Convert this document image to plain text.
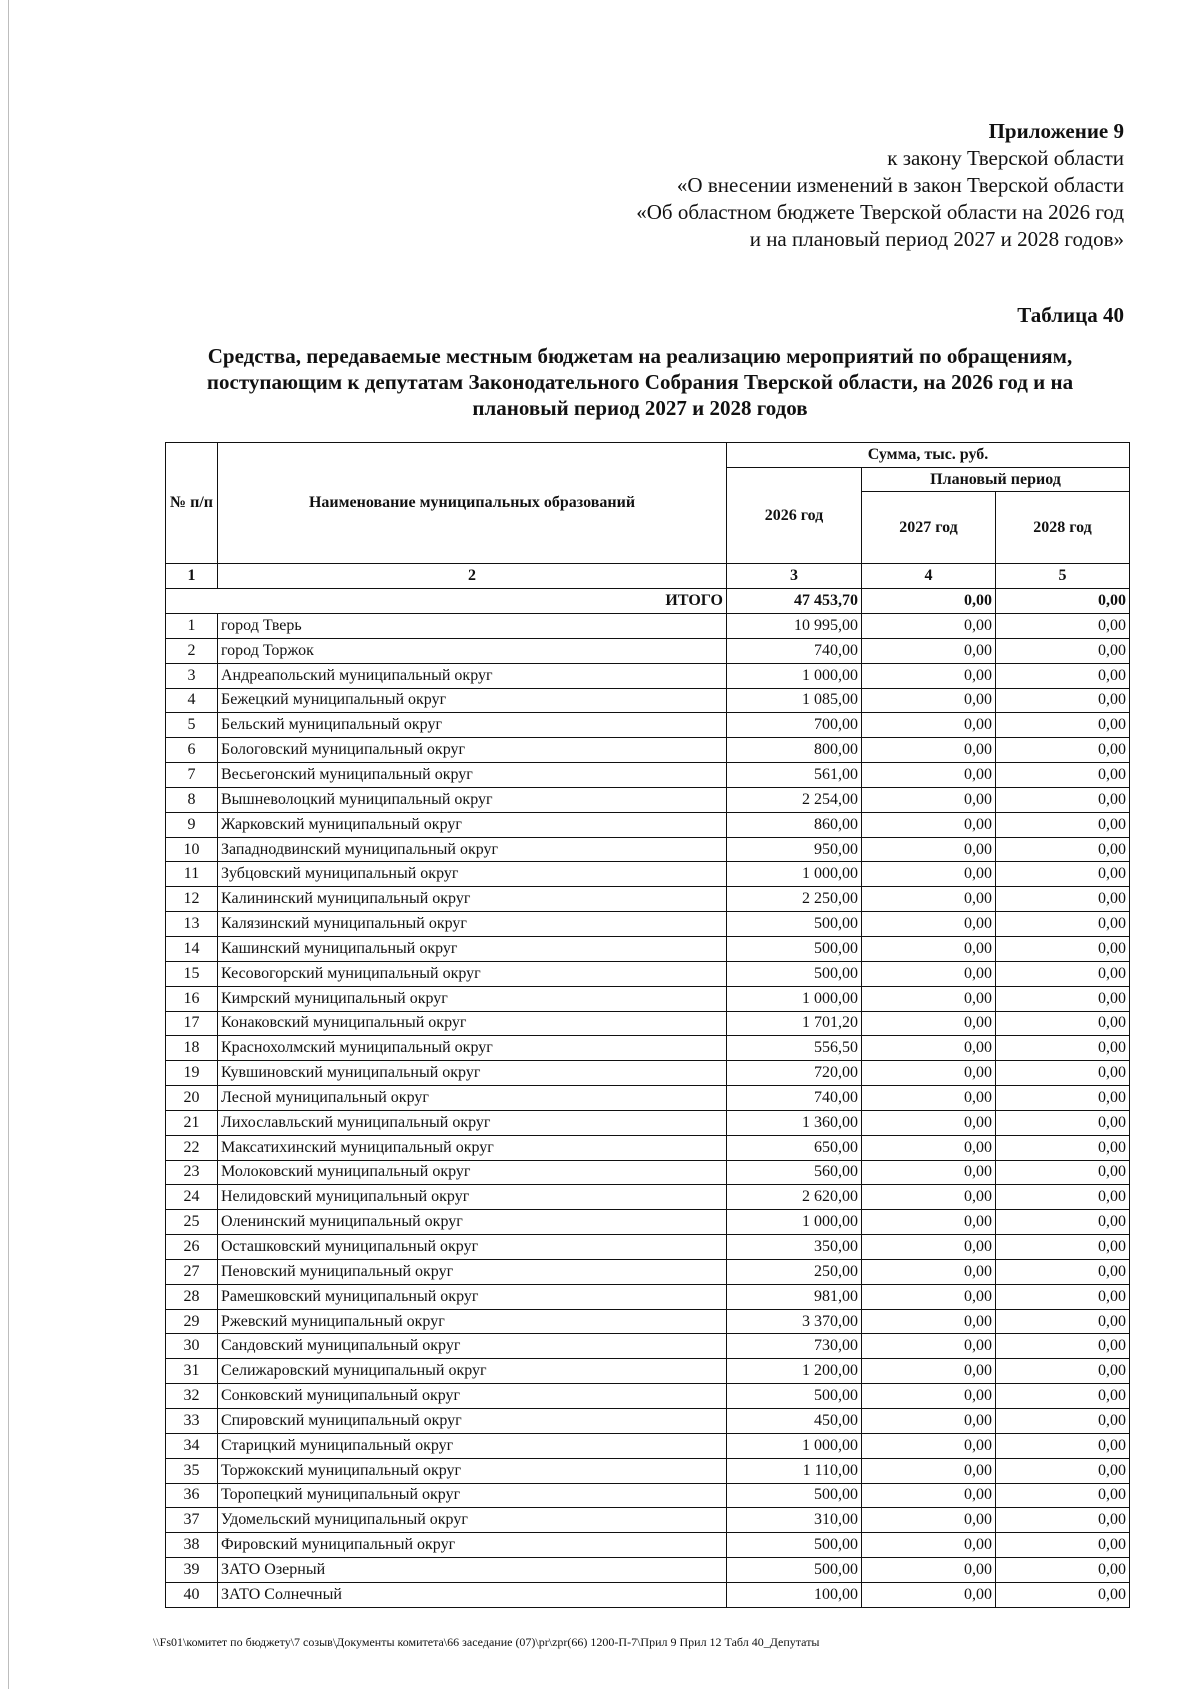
Приложение 9
к закону Тверской области
«О внесении изменений в закон Тверской области
«Об областном бюджете Тверской области на 2026 год
и на плановый период 2027 и 2028 годов»
Таблица 40
Средства, передаваемые местным бюджетам на реализацию мероприятий по обращениям,
поступающим к депутатам Законодательного Собрания Тверской области, на 2026 год и на
плановый период 2027 и 2028 годов
№ п/п	Наименование муниципальных образований	Сумма, тыс. руб.		
		2026 год	Плановый период	
			2027 год	2028 год
1	2	3	4	5
ИТОГО		47 453,70	0,00	0,00
1	город Тверь	10 995,00	0,00	0,00
2	город Торжок	740,00	0,00	0,00
3	Андреапольский муниципальный округ	1 000,00	0,00	0,00
4	Бежецкий муниципальный округ	1 085,00	0,00	0,00
5	Бельский муниципальный округ	700,00	0,00	0,00
6	Бологовский муниципальный округ	800,00	0,00	0,00
7	Весьегонский муниципальный округ	561,00	0,00	0,00
8	Вышневолоцкий муниципальный округ	2 254,00	0,00	0,00
9	Жарковский муниципальный округ	860,00	0,00	0,00
10	Западнодвинский муниципальный округ	950,00	0,00	0,00
11	Зубцовский муниципальный округ	1 000,00	0,00	0,00
12	Калининский муниципальный округ	2 250,00	0,00	0,00
13	Калязинский муниципальный округ	500,00	0,00	0,00
14	Кашинский муниципальный округ	500,00	0,00	0,00
15	Кесовогорский муниципальный округ	500,00	0,00	0,00
16	Кимрский муниципальный округ	1 000,00	0,00	0,00
17	Конаковский муниципальный округ	1 701,20	0,00	0,00
18	Краснохолмский муниципальный округ	556,50	0,00	0,00
19	Кувшиновский муниципальный округ	720,00	0,00	0,00
20	Лесной муниципальный округ	740,00	0,00	0,00
21	Лихославльский муниципальный округ	1 360,00	0,00	0,00
22	Максатихинский муниципальный округ	650,00	0,00	0,00
23	Молоковский муниципальный округ	560,00	0,00	0,00
24	Нелидовский муниципальный округ	2 620,00	0,00	0,00
25	Оленинский муниципальный округ	1 000,00	0,00	0,00
26	Осташковский муниципальный округ	350,00	0,00	0,00
27	Пеновский муниципальный округ	250,00	0,00	0,00
28	Рамешковский муниципальный округ	981,00	0,00	0,00
29	Ржевский муниципальный округ	3 370,00	0,00	0,00
30	Сандовский муниципальный округ	730,00	0,00	0,00
31	Селижаровский муниципальный округ	1 200,00	0,00	0,00
32	Сонковский муниципальный округ	500,00	0,00	0,00
33	Спировский муниципальный округ	450,00	0,00	0,00
34	Старицкий муниципальный округ	1 000,00	0,00	0,00
35	Торжокский муниципальный округ	1 110,00	0,00	0,00
36	Торопецкий муниципальный округ	500,00	0,00	0,00
37	Удомельский муниципальный округ	310,00	0,00	0,00
38	Фировский муниципальный округ	500,00	0,00	0,00
39	ЗАТО Озерный	500,00	0,00	0,00
40	ЗАТО Солнечный	100,00	0,00	0,00
\\Fs01\комитет по бюджету\7 созыв\Документы комитета\66 заседание (07)\pr\zpr(66) 1200-П-7\Прил 9 Прил 12 Табл 40_Депутаты
